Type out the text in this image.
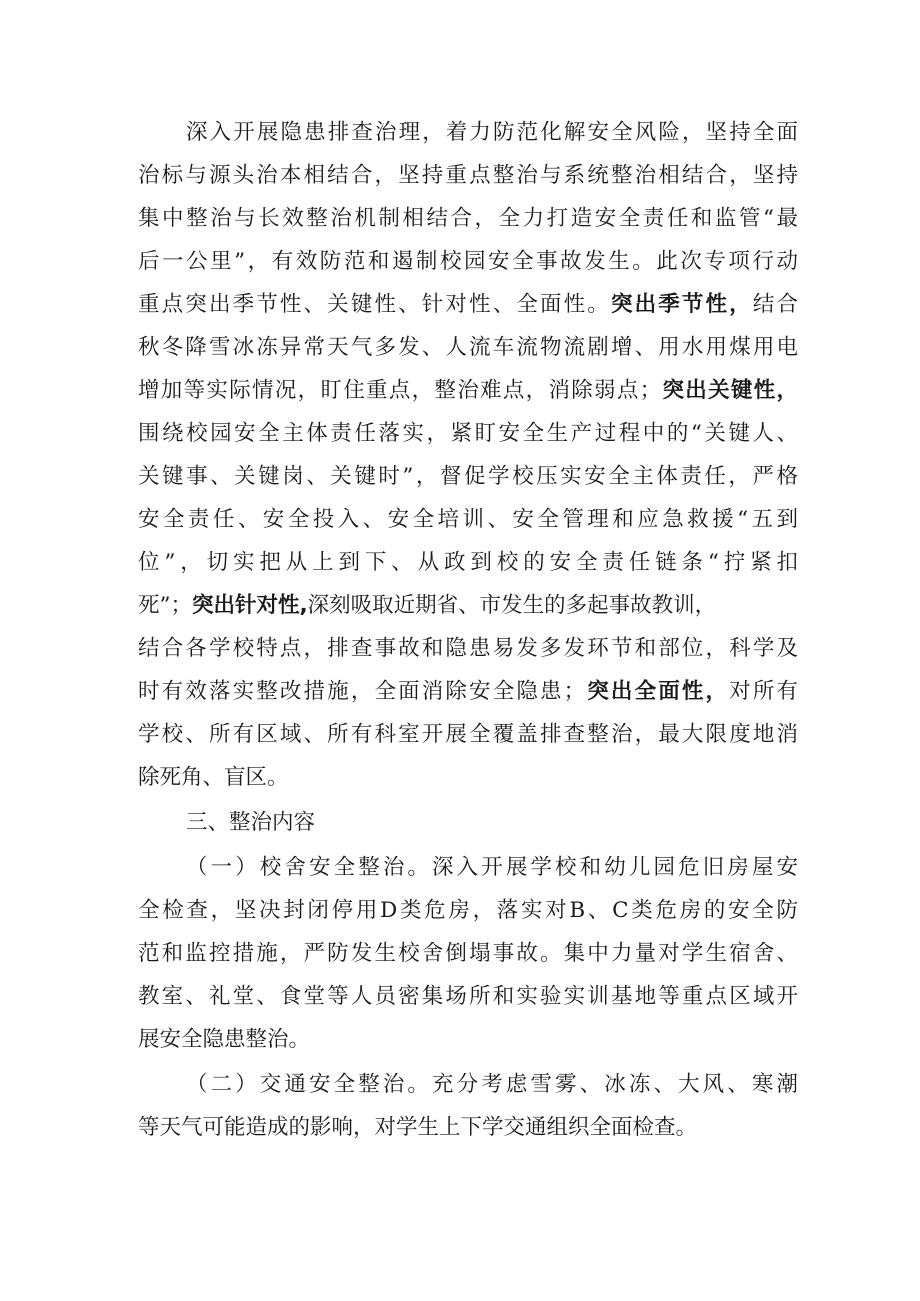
深入开展隐患排查治理，着力防范化解安全风险，坚持全面
治标与源头治本相结合，坚持重点整治与系统整治相结合，坚持
集中整治与长效整治机制相结合，全力打造安全责任和监管“最
后一公里”，有效防范和遏制校园安全事故发生。此次专项行动
重点突出季节性、关键性、针对性、全面性。突出季节性，结合
秋冬降雪冰冻异常天气多发、人流车流物流剧增、用水用煤用电
增加等实际情况，盯住重点，整治难点，消除弱点；突出关键性，
围绕校园安全主体责任落实，紧盯安全生产过程中的“关键人、
关键事、关键岗、关键时”，督促学校压实安全主体责任，严格
安全责任、安全投入、安全培训、安全管理和应急救援“五到
位”，切实把从上到下、从政到校的安全责任链条“拧紧扣
死”；突出针对性,深刻吸取近期省、市发生的多起事故教训，
结合各学校特点，排查事故和隐患易发多发环节和部位，科学及
时有效落实整改措施，全面消除安全隐患；突出全面性，对所有
学校、所有区域、所有科室开展全覆盖排查整治，最大限度地消
除死角、盲区。
三、整治内容
（一）校舍安全整治。深入开展学校和幼儿园危旧房屋安
全检查，坚决封闭停用D类危房，落实对B、C类危房的安全防
范和监控措施，严防发生校舍倒塌事故。集中力量对学生宿舍、
教室、礼堂、食堂等人员密集场所和实验实训基地等重点区域开
展安全隐患整治。
（二）交通安全整治。充分考虑雪雾、冰冻、大风、寒潮
等天气可能造成的影响，对学生上下学交通组织全面检查。
